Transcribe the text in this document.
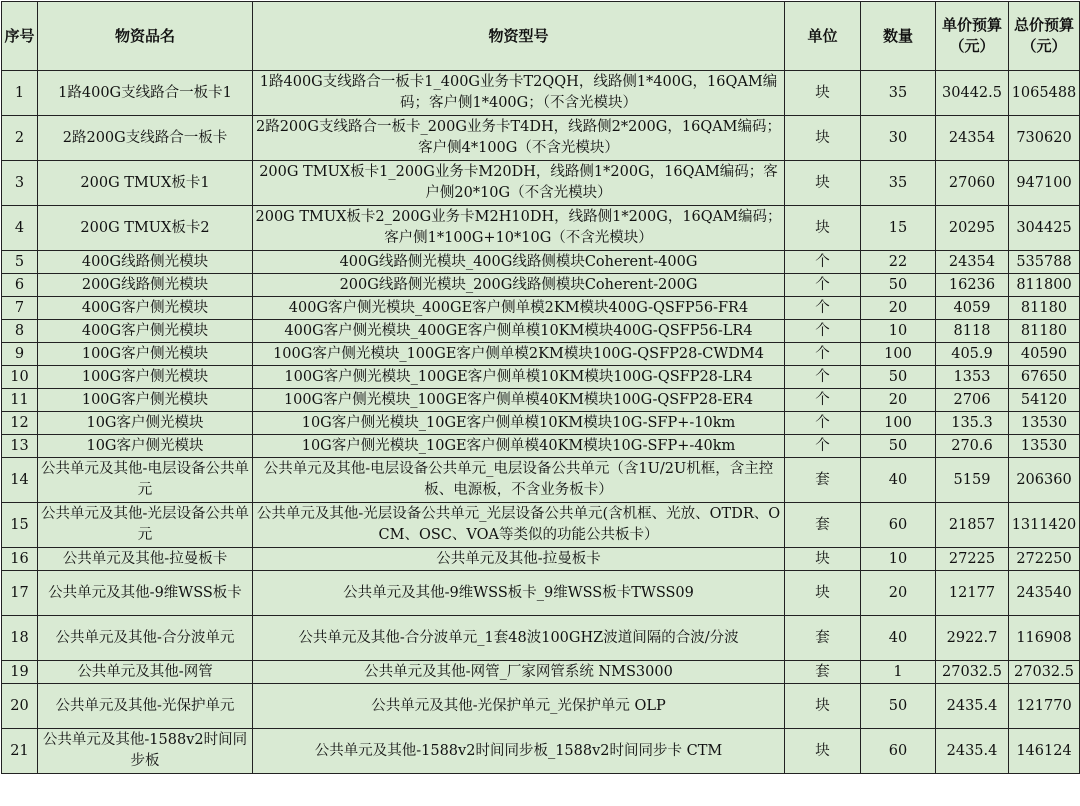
序号	物资品名	物资型号	单位	数量	单价预算（元）	总价预算（元）
1	1路400G支线路合一板卡1	1路400G支线路合一板卡1_400G业务卡T2QQH，线路侧1*400G，16QAM编码；客户侧1*400G；（不含光模块）	块	35	30442.5	1065488
2	2路200G支线路合一板卡	2路200G支线路合一板卡_200G业务卡T4DH，线路侧2*200G，16QAM编码；客户侧4*100G（不含光模块）	块	30	24354	730620
3	200G TMUX板卡1	200G TMUX板卡1_200G业务卡M20DH，线路侧1*200G，16QAM编码；客户侧20*10G（不含光模块）	块	35	27060	947100
4	200G TMUX板卡2	200G TMUX板卡2_200G业务卡M2H10DH，线路侧1*200G，16QAM编码；客户侧1*100G+10*10G（不含光模块）	块	15	20295	304425
5	400G线路侧光模块	400G线路侧光模块_400G线路侧模块Coherent-400G	个	22	24354	535788
6	200G线路侧光模块	200G线路侧光模块_200G线路侧模块Coherent-200G	个	50	16236	811800
7	400G客户侧光模块	400G客户侧光模块_400GE客户侧单模2KM模块400G-QSFP56-FR4	个	20	4059	81180
8	400G客户侧光模块	400G客户侧光模块_400GE客户侧单模10KM模块400G-QSFP56-LR4	个	10	8118	81180
9	100G客户侧光模块	100G客户侧光模块_100GE客户侧单模2KM模块100G-QSFP28-CWDM4	个	100	405.9	40590
10	100G客户侧光模块	100G客户侧光模块_100GE客户侧单模10KM模块100G-QSFP28-LR4	个	50	1353	67650
11	100G客户侧光模块	100G客户侧光模块_100GE客户侧单模40KM模块100G-QSFP28-ER4	个	20	2706	54120
12	10G客户侧光模块	10G客户侧光模块_10GE客户侧单模10KM模块10G-SFP+-10km	个	100	135.3	13530
13	10G客户侧光模块	10G客户侧光模块_10GE客户侧单模40KM模块10G-SFP+-40km	个	50	270.6	13530
14	公共单元及其他-电层设备公共单元	公共单元及其他-电层设备公共单元_电层设备公共单元（含1U/2U机框，含主控板、电源板，不含业务板卡）	套	40	5159	206360
15	公共单元及其他-光层设备公共单元	公共单元及其他-光层设备公共单元_光层设备公共单元(含机框、光放、OTDR、OCM、OSC、VOA等类似的功能公共板卡）	套	60	21857	1311420
16	公共单元及其他-拉曼板卡	公共单元及其他-拉曼板卡	块	10	27225	272250
17	公共单元及其他-9维WSS板卡	公共单元及其他-9维WSS板卡_9维WSS板卡TWSS09	块	20	12177	243540
18	公共单元及其他-合分波单元	公共单元及其他-合分波单元_1套48波100GHZ波道间隔的合波/分波	套	40	2922.7	116908
19	公共单元及其他-网管	公共单元及其他-网管_厂家网管系统 NMS3000	套	1	27032.5	27032.5
20	公共单元及其他-光保护单元	公共单元及其他-光保护单元_光保护单元 OLP	块	50	2435.4	121770
21	公共单元及其他-1588v2时间同步板	公共单元及其他-1588v2时间同步板_1588v2时间同步卡 CTM	块	60	2435.4	146124
